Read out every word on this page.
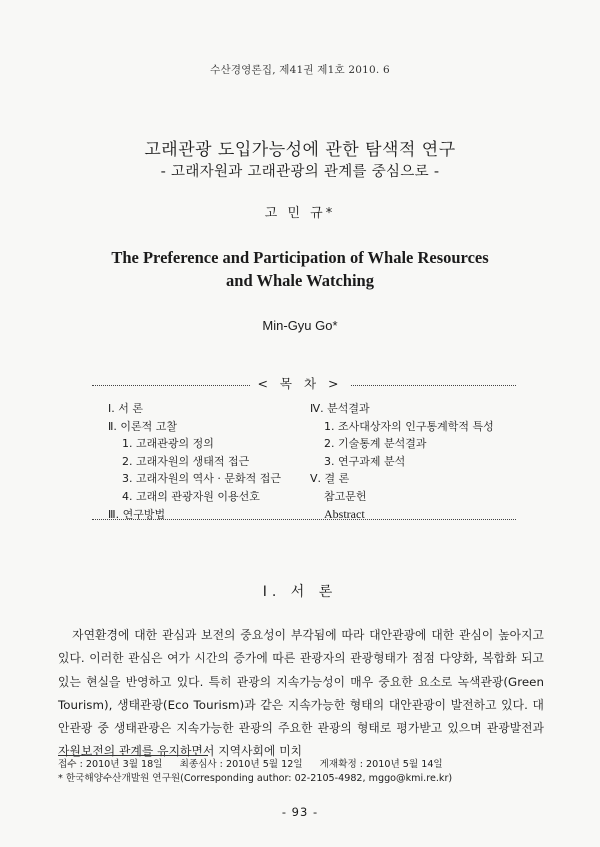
수산경영론집, 제41권 제1호 2010. 6
고래관광 도입가능성에 관한 탐색적 연구
- 고래자원과 고래관광의 관계를 중심으로 -
고 민 규*
The Preference and Participation of Whale Resources
and Whale Watching
Min-Gyu Go*
< 목 차 >
Ⅰ. 서 론
Ⅱ. 이론적 고찰
1. 고래관광의 정의
2. 고래자원의 생태적 접근
3. 고래자원의 역사 · 문화적 접근
4. 고래의 관광자원 이용선호
Ⅲ. 연구방법
Ⅳ. 분석결과
1. 조사대상자의 인구통계학적 특성
2. 기술통계 분석결과
3. 연구과제 분석
Ⅴ. 결 론
참고문헌
Abstract
Ⅰ. 서 론

자연환경에 대한 관심과 보전의 중요성이 부각됨에 따라 대안관광에 대한 관심이 높아지고 있다. 이러한 관심은 여가 시간의 증가에 따른 관광자의 관광형태가 점점 다양화, 복합화 되고 있는 현실을 반영하고 있다. 특히 관광의 지속가능성이 매우 중요한 요소로 녹색관광(Green Tourism), 생태관광(Eco Tourism)과 같은 지속가능한 형태의 대안관광이 발전하고 있다. 대안관광 중 생태관광은 지속가능한 관광의 주요한 관광의 형태로 평가받고 있으며 관광발전과 자원보전의 관계를 유지하면서 지역사회에 미치

접수 : 2010년 3월 18일 최종심사 : 2010년 5월 12일 게재확정 : 2010년 5월 14일
* 한국해양수산개발원 연구원(Corresponding author: 02-2105-4982, mggo@kmi.re.kr)
- 93 -
